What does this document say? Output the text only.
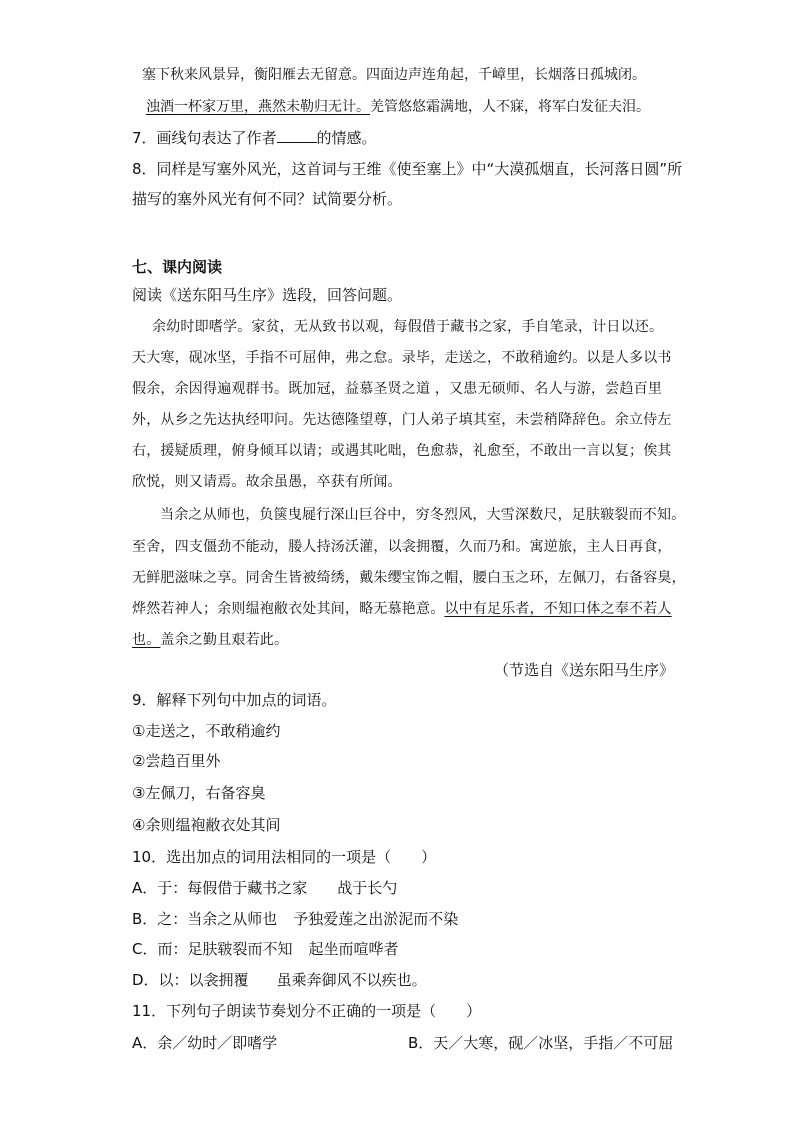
塞下秋来风景异，衡阳雁去无留意。四面边声连角起，千嶂里，长烟落日孤城闭。
浊酒一杯家万里，燕然未勒归无计。羌管悠悠霜满地，人不寐，将军白发征夫泪。
7．画线句表达了作者	的情感。
8．同样是写塞外风光，这首词与王维《使至塞上》中“大漠孤烟直，长河落日圆”所
描写的塞外风光有何不同？试简要分析。
七、课内阅读
阅读《送东阳马生序》选段，回答问题。
余幼时即嗜学。家贫，无从致书以观，每假借于藏书之家，手自笔录，计日以还。
天大寒，砚冰坚，手指不可屈伸，弗之怠。录毕，走送之，不敢稍逾约。以是人多以书
假余，余因得遍观群书。既加冠，益慕圣贤之道 ，又患无硕师、名人与游，尝趋百里
外，从乡之先达执经叩问。先达德隆望尊，门人弟子填其室，未尝稍降辞色。余立侍左
右，援疑质理，俯身倾耳以请；或遇其叱咄，色愈恭，礼愈至，不敢出一言以复；俟其
欣悦，则又请焉。故余虽愚，卒获有所闻。
当余之从师也，负箧曳屣行深山巨谷中，穷冬烈风，大雪深数尺，足肤皲裂而不知。
至舍，四支僵劲不能动，媵人持汤沃灌，以衾拥覆，久而乃和。寓逆旅，主人日再食，
无鲜肥滋味之享。同舍生皆被绮绣，戴朱缨宝饰之帽，腰白玉之环，左佩刀，右备容臭，
烨然若神人；余则缊袍敝衣处其间，略无慕艳意。以中有足乐者，不知口体之奉不若人
也。盖余之勤且艰若此。
（节选自《送东阳马生序》
9．解释下列句中加点的词语。
①走送之，不敢稍逾约
②尝趋百里外
③左佩刀，右备容臭
④余则缊袍敝衣处其间
10．选出加点的词用法相同的一项是（　　）
A．于：每假借于藏书之家 战于长勺
B．之：当余之从师也 予独爱莲之出淤泥而不染
C．而：足肤皲裂而不知 起坐而喧哗者
D．以：以衾拥覆 虽乘奔御风不以疾也。
11．下列句子朗读节奏划分不正确的一项是（　　）
A．余／幼时／即嗜学	B．天／大寒，砚／冰坚，手指／不可屈
